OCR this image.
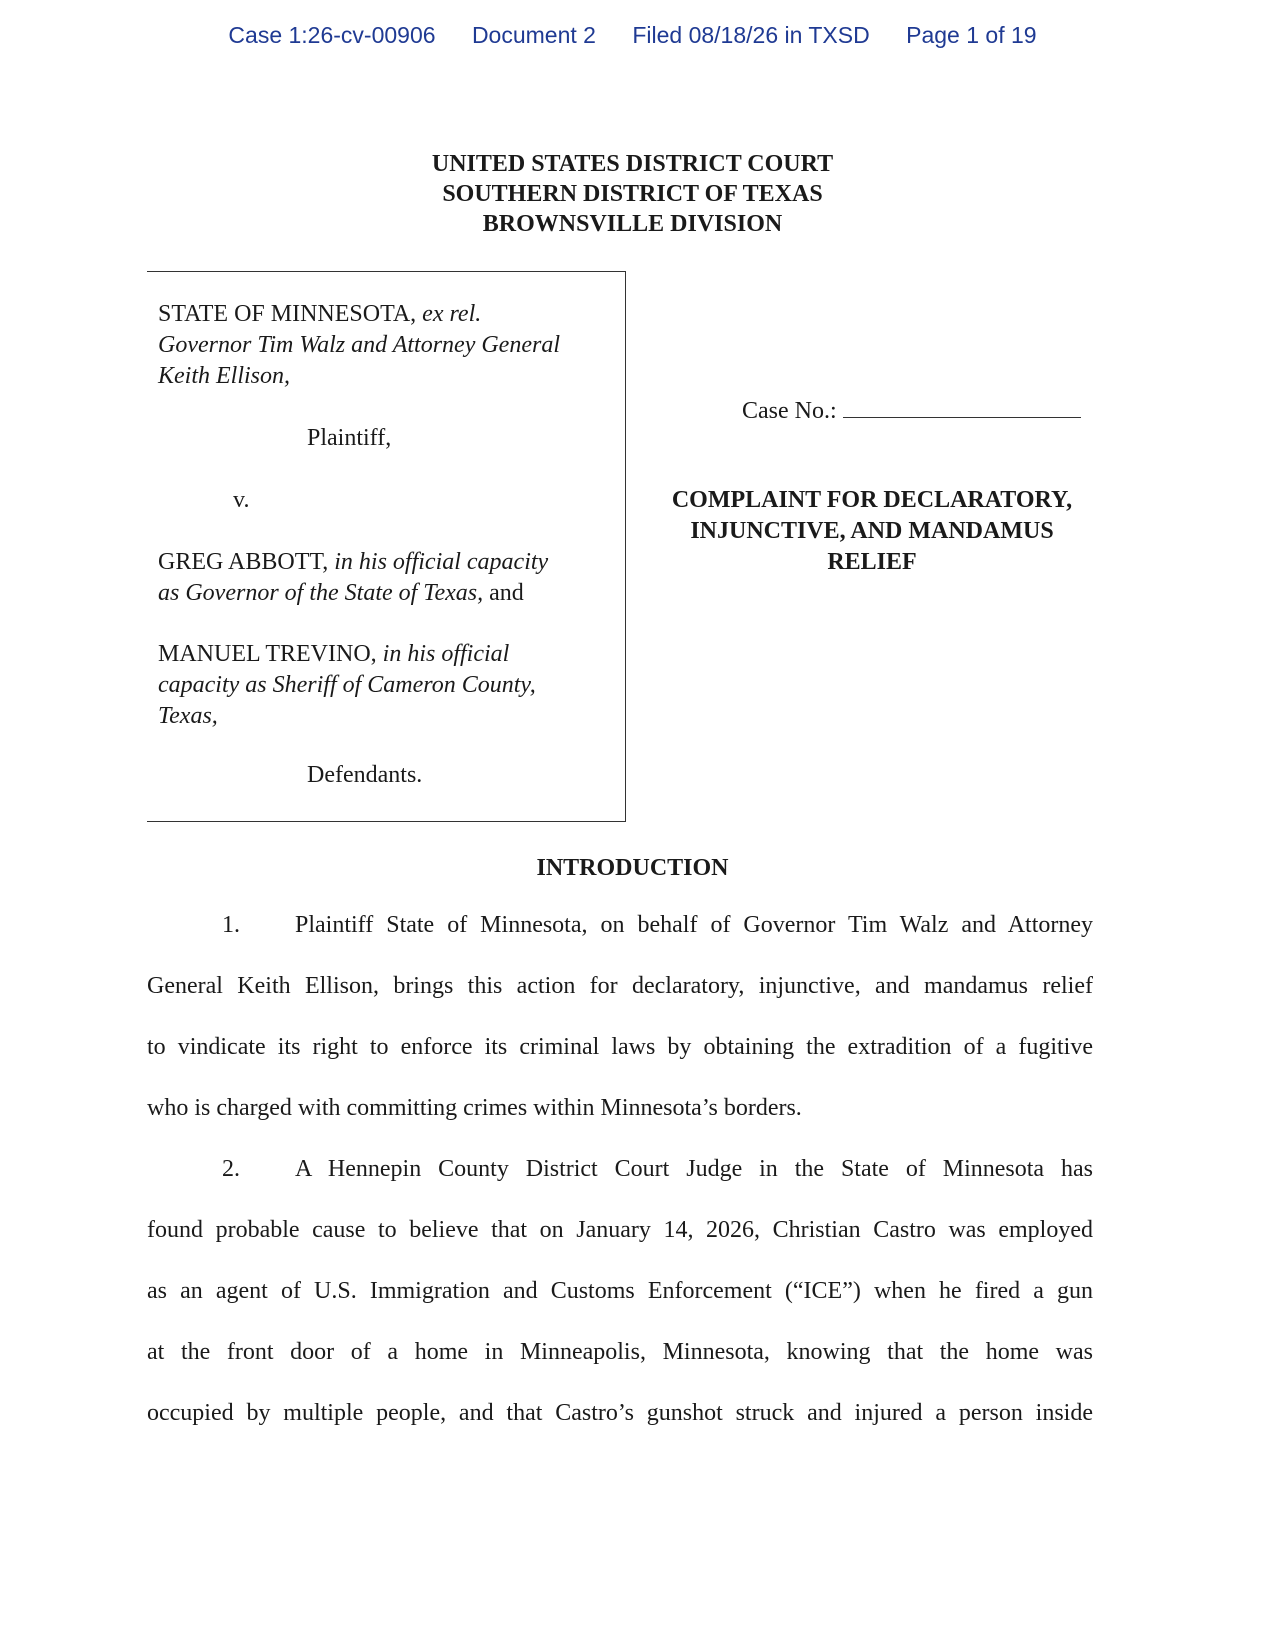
Case 1:26-cv-00906 Document 2 Filed 08/18/26 in TXSD Page 1 of 19
UNITED STATES DISTRICT COURT
SOUTHERN DISTRICT OF TEXAS
BROWNSVILLE DIVISION
STATE OF MINNESOTA, ex rel.
Governor Tim Walz and Attorney General
Keith Ellison,
Plaintiff,
v.
GREG ABBOTT, in his official capacity
as Governor of the State of Texas, and
MANUEL TREVINO, in his official
capacity as Sheriff of Cameron County,
Texas,
Defendants.
Case No.:
COMPLAINT FOR DECLARATORY,
INJUNCTIVE, AND MANDAMUS
RELIEF
INTRODUCTION
1. Plaintiff State of Minnesota, on behalf of Governor Tim Walz and Attorney
General Keith Ellison, brings this action for declaratory, injunctive, and mandamus relief
to vindicate its right to enforce its criminal laws by obtaining the extradition of a fugitive
who is charged with committing crimes within Minnesota’s borders.
2. A Hennepin County District Court Judge in the State of Minnesota has
found probable cause to believe that on January 14, 2026, Christian Castro was employed
as an agent of U.S. Immigration and Customs Enforcement (“ICE”) when he fired a gun
at the front door of a home in Minneapolis, Minnesota, knowing that the home was
occupied by multiple people, and that Castro’s gunshot struck and injured a person inside
